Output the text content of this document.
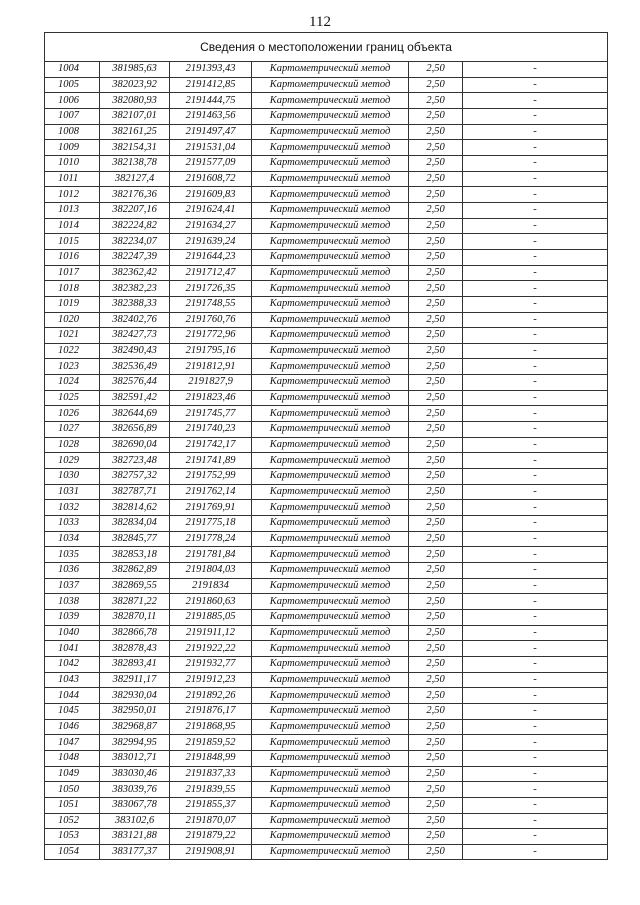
112
Сведения о местоположении границ объекта					
1004	381985,63	2191393,43	Картометрический метод	2,50	-
1005	382023,92	2191412,85	Картометрический метод	2,50	-
1006	382080,93	2191444,75	Картометрический метод	2,50	-
1007	382107,01	2191463,56	Картометрический метод	2,50	-
1008	382161,25	2191497,47	Картометрический метод	2,50	-
1009	382154,31	2191531,04	Картометрический метод	2,50	-
1010	382138,78	2191577,09	Картометрический метод	2,50	-
1011	382127,4	2191608,72	Картометрический метод	2,50	-
1012	382176,36	2191609,83	Картометрический метод	2,50	-
1013	382207,16	2191624,41	Картометрический метод	2,50	-
1014	382224,82	2191634,27	Картометрический метод	2,50	-
1015	382234,07	2191639,24	Картометрический метод	2,50	-
1016	382247,39	2191644,23	Картометрический метод	2,50	-
1017	382362,42	2191712,47	Картометрический метод	2,50	-
1018	382382,23	2191726,35	Картометрический метод	2,50	-
1019	382388,33	2191748,55	Картометрический метод	2,50	-
1020	382402,76	2191760,76	Картометрический метод	2,50	-
1021	382427,73	2191772,96	Картометрический метод	2,50	-
1022	382490,43	2191795,16	Картометрический метод	2,50	-
1023	382536,49	2191812,91	Картометрический метод	2,50	-
1024	382576,44	2191827,9	Картометрический метод	2,50	-
1025	382591,42	2191823,46	Картометрический метод	2,50	-
1026	382644,69	2191745,77	Картометрический метод	2,50	-
1027	382656,89	2191740,23	Картометрический метод	2,50	-
1028	382690,04	2191742,17	Картометрический метод	2,50	-
1029	382723,48	2191741,89	Картометрический метод	2,50	-
1030	382757,32	2191752,99	Картометрический метод	2,50	-
1031	382787,71	2191762,14	Картометрический метод	2,50	-
1032	382814,62	2191769,91	Картометрический метод	2,50	-
1033	382834,04	2191775,18	Картометрический метод	2,50	-
1034	382845,77	2191778,24	Картометрический метод	2,50	-
1035	382853,18	2191781,84	Картометрический метод	2,50	-
1036	382862,89	2191804,03	Картометрический метод	2,50	-
1037	382869,55	2191834	Картометрический метод	2,50	-
1038	382871,22	2191860,63	Картометрический метод	2,50	-
1039	382870,11	2191885,05	Картометрический метод	2,50	-
1040	382866,78	2191911,12	Картометрический метод	2,50	-
1041	382878,43	2191922,22	Картометрический метод	2,50	-
1042	382893,41	2191932,77	Картометрический метод	2,50	-
1043	382911,17	2191912,23	Картометрический метод	2,50	-
1044	382930,04	2191892,26	Картометрический метод	2,50	-
1045	382950,01	2191876,17	Картометрический метод	2,50	-
1046	382968,87	2191868,95	Картометрический метод	2,50	-
1047	382994,95	2191859,52	Картометрический метод	2,50	-
1048	383012,71	2191848,99	Картометрический метод	2,50	-
1049	383030,46	2191837,33	Картометрический метод	2,50	-
1050	383039,76	2191839,55	Картометрический метод	2,50	-
1051	383067,78	2191855,37	Картометрический метод	2,50	-
1052	383102,6	2191870,07	Картометрический метод	2,50	-
1053	383121,88	2191879,22	Картометрический метод	2,50	-
1054	383177,37	2191908,91	Картометрический метод	2,50	-
